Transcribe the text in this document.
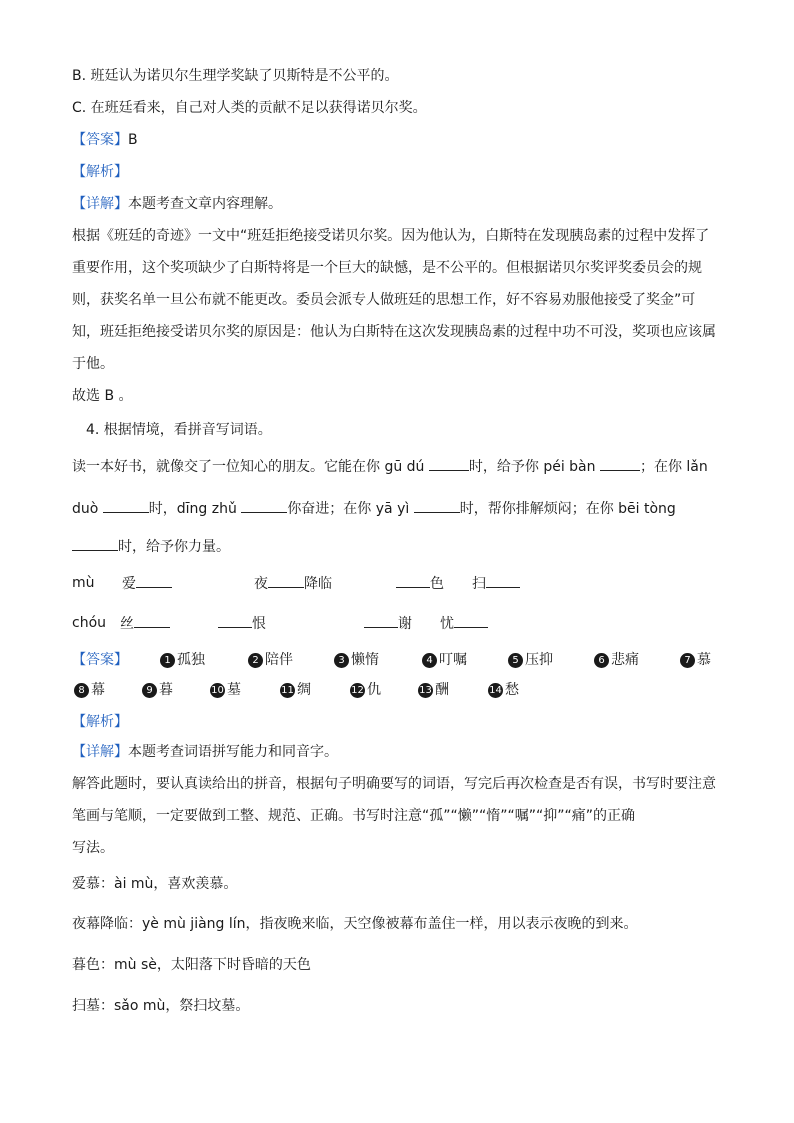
B. 班廷认为诺贝尔生理学奖缺了贝斯特是不公平的。
C. 在班廷看来，自己对人类的贡献不足以获得诺贝尔奖。
【答案】B
【解析】
【详解】本题考查文章内容理解。
根据《班廷的奇迹》一文中“班廷拒绝接受诺贝尔奖。因为他认为，白斯特在发现胰岛素的过程中发挥了
重要作用，这个奖项缺少了白斯特将是一个巨大的缺憾，是不公平的。但根据诺贝尔奖评奖委员会的规
则，获奖名单一旦公布就不能更改。委员会派专人做班廷的思想工作，好不容易劝服他接受了奖金”可
知，班廷拒绝接受诺贝尔奖的原因是：他认为白斯特在这次发现胰岛素的过程中功不可没，奖项也应该属
于他。
故选 B 。
4. 根据情境，看拼音写词语。
读一本好书，就像交了一位知心的朋友。它能在你 gū dú	时，给予你 péi bàn	；在你 lǎn
duò	时，dīng zhǔ	你奋进；在你 yā yì	时，帮你排解烦闷；在你 bēi tòng
时，给予你力量。
mù 爱	夜	降临	色 扫
chóu 丝	恨	谢 忧
【答案】	1 孤独	2 陪伴	3 懒惰	4 叮嘱	5 压抑	6 悲痛	7 慕
8 幕	9 暮	10 墓	11 绸	12 仇	13 酬	14 愁
【解析】
【详解】本题考查词语拼写能力和同音字。
解答此题时，要认真读给出的拼音，根据句子明确要写的词语，写完后再次检查是否有误，书写时要注意
笔画与笔顺，一定要做到工整、规范、正确。书写时注意“孤”“懒”“惰”“嘱”“抑”“痛”的正确
写法。
爱慕：ài mù，喜欢羡慕。
夜幕降临：yè mù jiàng lín，指夜晚来临，天空像被幕布盖住一样，用以表示夜晚的到来。
暮色：mù sè，太阳落下时昏暗的天色
扫墓：sǎo mù，祭扫坟墓。
